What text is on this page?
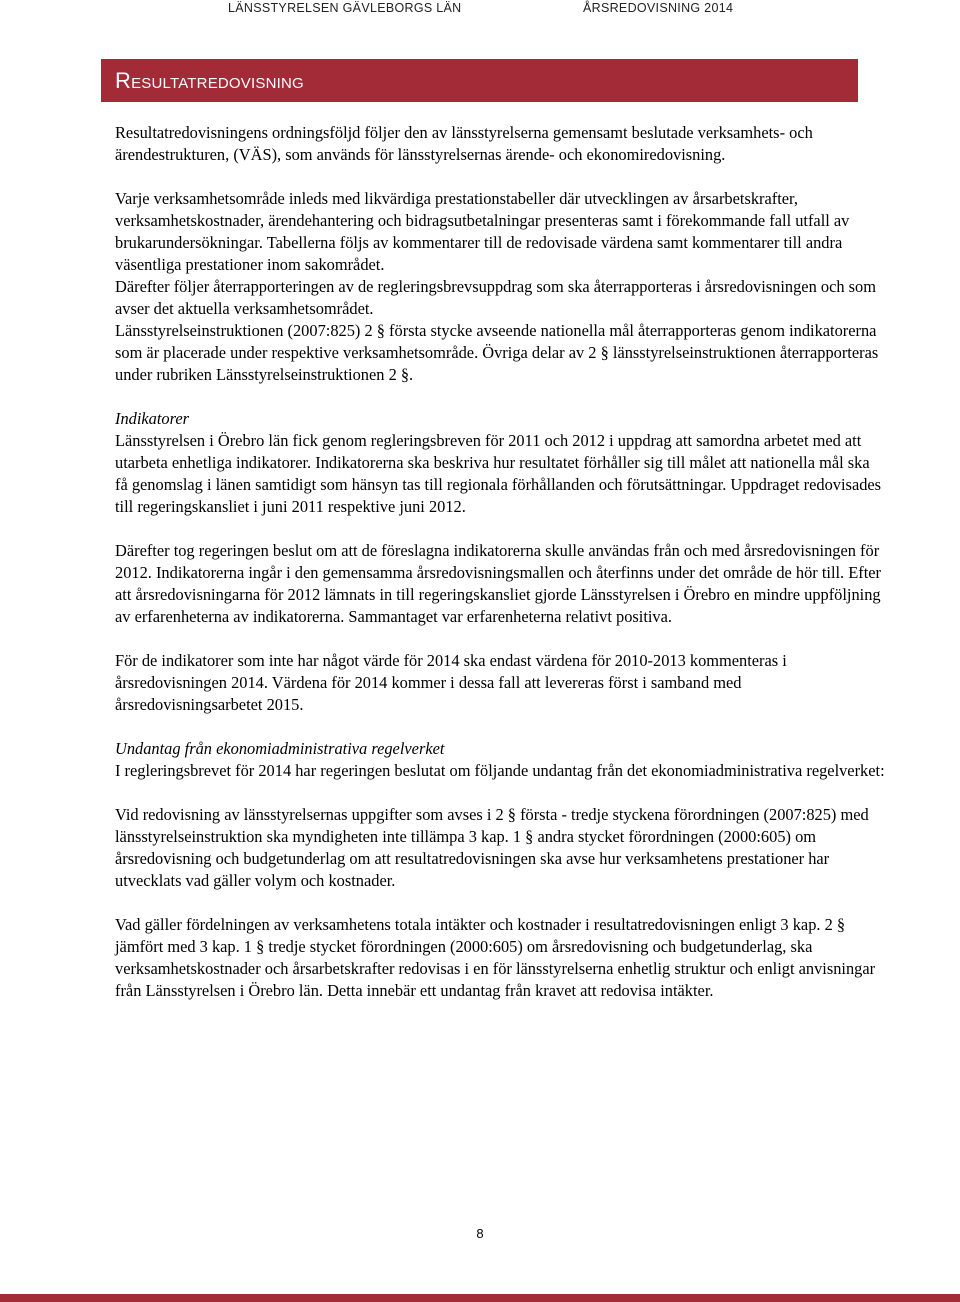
LÄNSSTYRELSEN GÄVLEBORGS LÄN	ÅRSREDOVISNING 2014
Resultatredovisning

Resultatredovisningens ordningsföljd följer den av länsstyrelserna gemensamt beslutade verksamhets- och ärendestrukturen, (VÄS), som används för länsstyrelsernas ärende- och ekonomiredovisning.

Varje verksamhetsområde inleds med likvärdiga prestationstabeller där utvecklingen av årsarbetskrafter, verksamhetskostnader, ärendehantering och bidragsutbetalningar presenteras samt i förekommande fall utfall av brukarundersökningar. Tabellerna följs av kommentarer till de redovisade värdena samt kommentarer till andra väsentliga prestationer inom sakområdet.

Därefter följer återrapporteringen av de regleringsbrevsuppdrag som ska återrapporteras i årsredovisningen och som avser det aktuella verksamhetsområdet.

Länsstyrelseinstruktionen (2007:825) 2 § första stycke avseende nationella mål återrapporteras genom indikatorerna som är placerade under respektive verksamhetsområde. Övriga delar av 2 § länsstyrelseinstruktionen återrapporteras under rubriken Länsstyrelseinstruktionen 2 §.

Indikatorer

Länsstyrelsen i Örebro län fick genom regleringsbreven för 2011 och 2012 i uppdrag att samordna arbetet med att utarbeta enhetliga indikatorer. Indikatorerna ska beskriva hur resultatet förhåller sig till målet att nationella mål ska få genomslag i länen samtidigt som hänsyn tas till regionala förhållanden och förutsättningar. Uppdraget redovisades till regeringskansliet i juni 2011 respektive juni 2012.

Därefter tog regeringen beslut om att de föreslagna indikatorerna skulle användas från och med årsredovisningen för 2012. Indikatorerna ingår i den gemensamma årsredovisningsmallen och återfinns under det område de hör till. Efter att årsredovisningarna för 2012 lämnats in till regeringskansliet gjorde Länsstyrelsen i Örebro en mindre uppföljning av erfarenheterna av indikatorerna. Sammantaget var erfarenheterna relativt positiva.

För de indikatorer som inte har något värde för 2014 ska endast värdena för 2010-2013 kommenteras i årsredovisningen 2014. Värdena för 2014 kommer i dessa fall att levereras först i samband med årsredovisningsarbetet 2015.

Undantag från ekonomiadministrativa regelverket

I regleringsbrevet för 2014 har regeringen beslutat om följande undantag från det ekonomiadministrativa regelverket:

Vid redovisning av länsstyrelsernas uppgifter som avses i 2 § första - tredje styckena förordningen (2007:825) med länsstyrelseinstruktion ska myndigheten inte tillämpa 3 kap. 1 § andra stycket förordningen (2000:605) om årsredovisning och budgetunderlag om att resultatredovisningen ska avse hur verksamhetens prestationer har utvecklats vad gäller volym och kostnader.

Vad gäller fördelningen av verksamhetens totala intäkter och kostnader i resultatredovisningen enligt 3 kap. 2 § jämfört med 3 kap. 1 § tredje stycket förordningen (2000:605) om årsredovisning och budgetunderlag, ska verksamhetskostnader och årsarbetskrafter redovisas i en för länsstyrelserna enhetlig struktur och enligt anvisningar från Länsstyrelsen i Örebro län. Detta innebär ett undantag från kravet att redovisa intäkter.

8
